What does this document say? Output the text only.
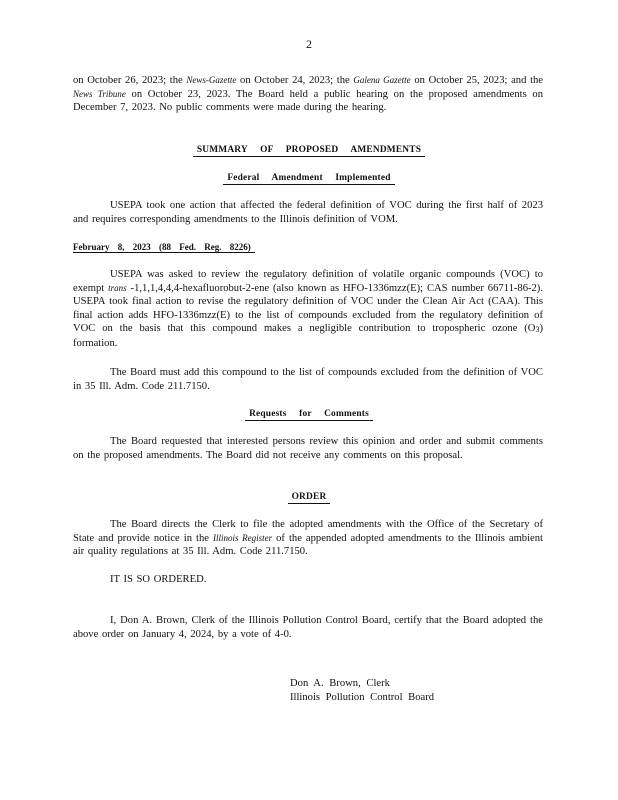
2

on October 26, 2023; the News-Gazette on October 24, 2023; the Galena Gazette on October 25, 2023; and the News Tribune on October 23, 2023. The Board held a public hearing on the proposed amendments on December 7, 2023. No public comments were made during the hearing.

SUMMARY OF PROPOSED AMENDMENTS
Federal Amendment Implemented

USEPA took one action that affected the federal definition of VOC during the first half of 2023 and requires corresponding amendments to the Illinois definition of VOM.

February 8, 2023 (88 Fed. Reg. 8226)

USEPA was asked to review the regulatory definition of volatile organic compounds (VOC) to exempt trans -1,1,1,4,4,4-hexafluorobut-2-ene (also known as HFO-1336mzz(E); CAS number 66711-86-2). USEPA took final action to revise the regulatory definition of VOC under the Clean Air Act (CAA). This final action adds HFO-1336mzz(E) to the list of compounds excluded from the regulatory definition of VOC on the basis that this compound makes a negligible contribution to tropospheric ozone (O3) formation.

The Board must add this compound to the list of compounds excluded from the definition of VOC in 35 Ill. Adm. Code 211.7150.

Requests for Comments

The Board requested that interested persons review this opinion and order and submit comments on the proposed amendments. The Board did not receive any comments on this proposal.

ORDER

The Board directs the Clerk to file the adopted amendments with the Office of the Secretary of State and provide notice in the Illinois Register of the appended adopted amendments to the Illinois ambient air quality regulations at 35 Ill. Adm. Code 211.7150.

IT IS SO ORDERED.

I, Don A. Brown, Clerk of the Illinois Pollution Control Board, certify that the Board adopted the above order on January 4, 2024, by a vote of 4-0.

Don A. Brown, Clerk
Illinois Pollution Control Board
